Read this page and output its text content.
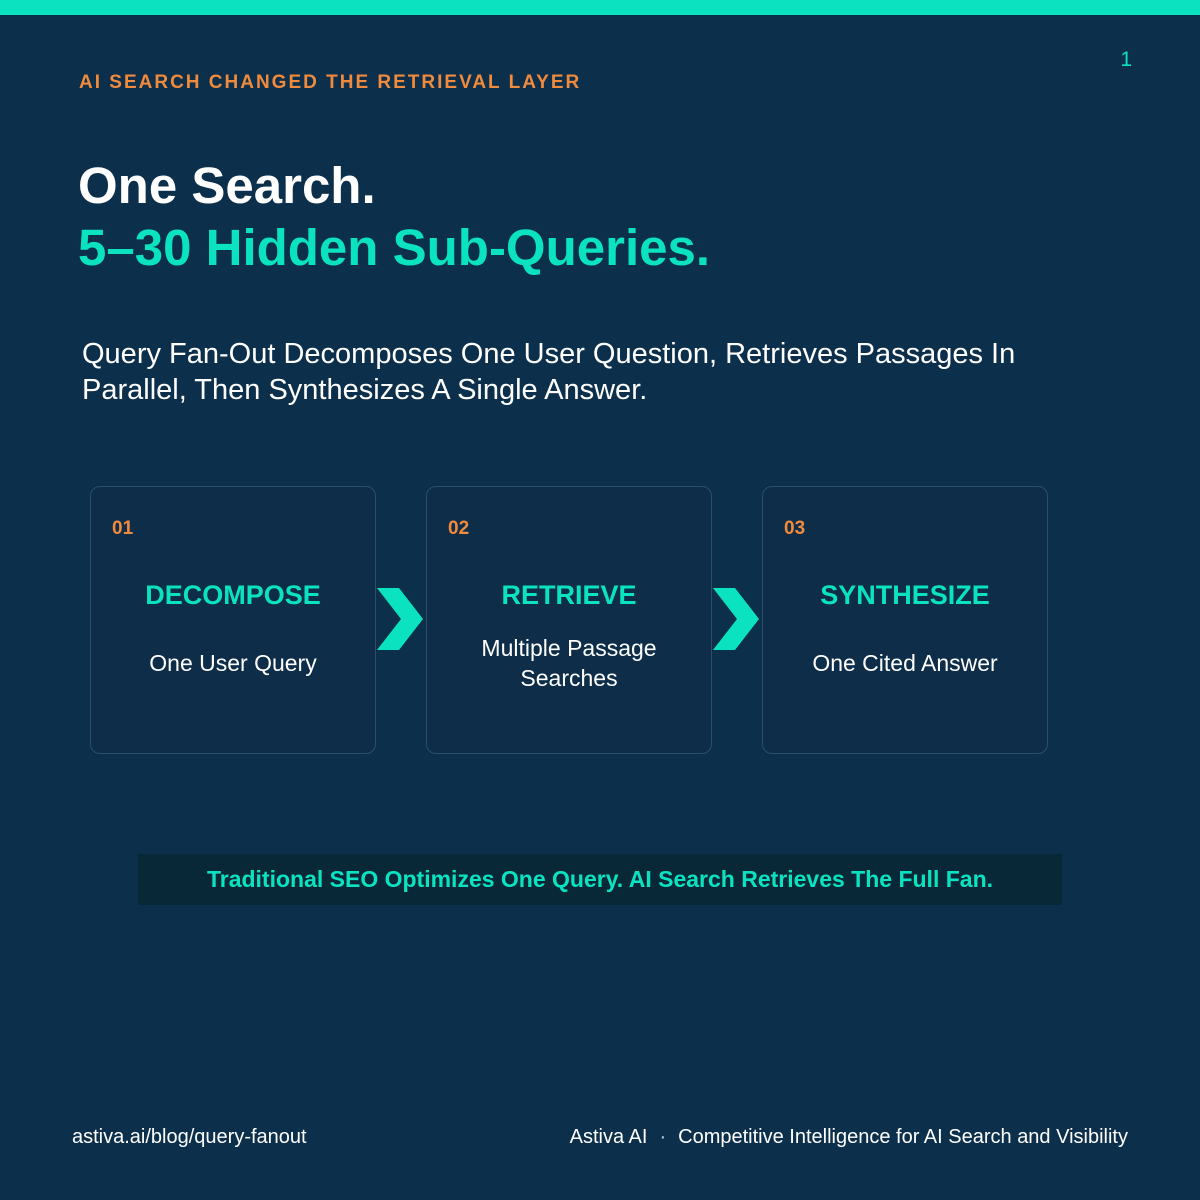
1
AI SEARCH CHANGED THE RETRIEVAL LAYER
One Search.
5–30 Hidden Sub-Queries.
Query Fan-Out Decomposes One User Question, Retrieves Passages In Parallel, Then Synthesizes A Single Answer.
01
DECOMPOSE
One User Query
02
RETRIEVE
Multiple Passage Searches
03
SYNTHESIZE
One Cited Answer
Traditional SEO Optimizes One Query. AI Search Retrieves The Full Fan.
astiva.ai/blog/query-fanout	Astiva AI · Competitive Intelligence for AI Search and Visibility
